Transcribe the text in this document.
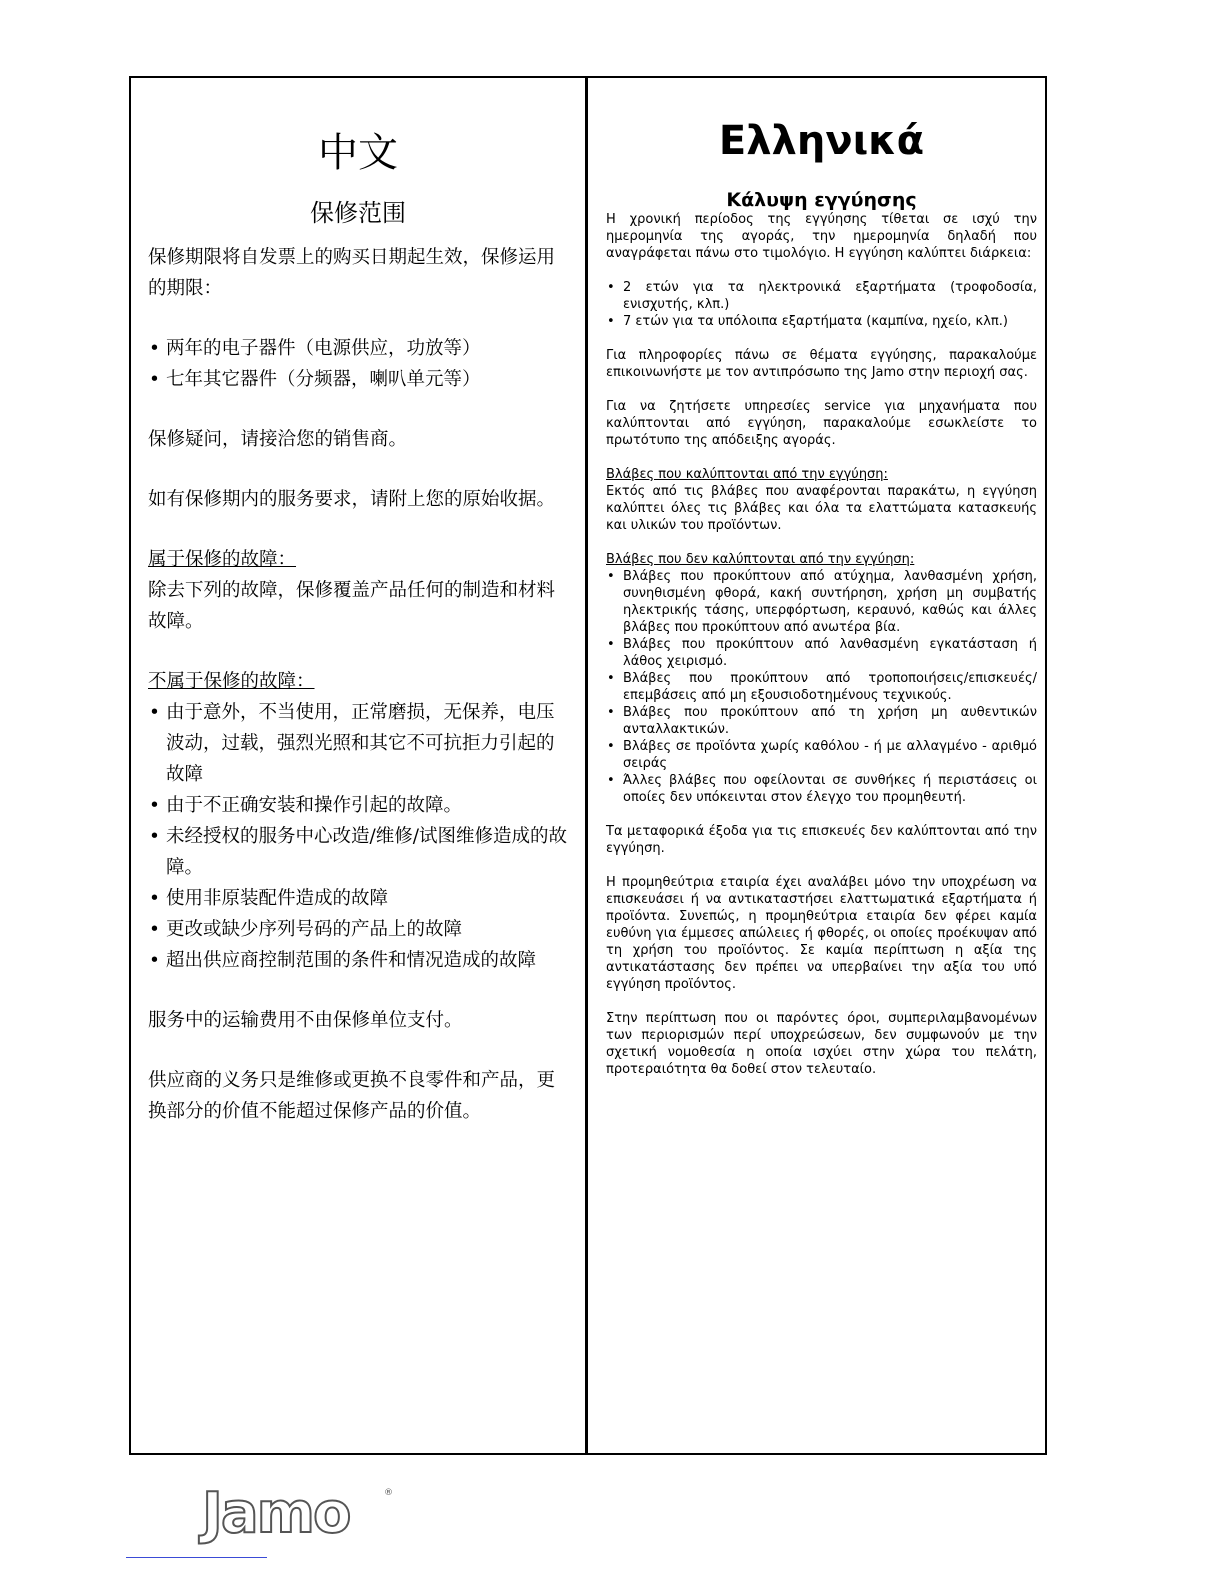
中文
保修范围

保修期限将自发票上的购买日期起生效，保修运用的期限：

• 两年的电子器件（电源供应，功放等）
• 七年其它器件（分频器，喇叭单元等）

保修疑问，请接洽您的销售商。

如有保修期内的服务要求，请附上您的原始收据。

属于保修的故障：

除去下列的故障，保修覆盖产品任何的制造和材料故障。

不属于保修的故障：

• 由于意外，不当使用，正常磨损，无保养，电压波动，过载，强烈光照和其它不可抗拒力引起的故障
• 由于不正确安装和操作引起的故障。
• 未经授权的服务中心改造/维修/试图维修造成的故障。
• 使用非原装配件造成的故障
• 更改或缺少序列号码的产品上的故障
• 超出供应商控制范围的条件和情况造成的故障

服务中的运输费用不由保修单位支付。

供应商的义务只是维修或更换不良零件和产品，更换部分的价值不能超过保修产品的价值。

Ελληνικά
Κάλυψη εγγύησης

Η χρονική περίοδος της εγγύησης τίθεται σε ισχύ την ημερομηνία της αγοράς, την ημερομηνία δηλαδή που αναγράφεται πάνω στο τιμολόγιο. Η εγγύηση καλύπτει διάρκεια:

• 2 ετών για τα ηλεκτρονικά εξαρτήματα (τροφοδοσία, ενισχυτής, κλπ.)
• 7 ετών για τα υπόλοιπα εξαρτήματα (καμπίνα, ηχείο, κλπ.)

Για πληροφορίες πάνω σε θέματα εγγύησης, παρακαλούμε επικοινωνήστε με τον αντιπρόσωπο της Jamo στην περιοχή σας.

Για να ζητήσετε υπηρεσίες service για μηχανήματα που καλύπτονται από εγγύηση, παρακαλούμε εσωκλείστε το πρωτότυπο της απόδειξης αγοράς.

Βλάβες που καλύπτονται από την εγγύηση:

Εκτός από τις βλάβες που αναφέρονται παρακάτω, η εγγύηση καλύπτει όλες τις βλάβες και όλα τα ελαττώματα κατασκευής και υλικών του προϊόντων.

Βλάβες που δεν καλύπτονται από την εγγύηση:

• Βλάβες που προκύπτουν από ατύχημα, λανθασμένη χρήση, συνηθισμένη φθορά, κακή συντήρηση, χρήση μη συμβατής ηλεκτρικής τάσης, υπερφόρτωση, κεραυνό, καθώς και άλλες βλάβες που προκύπτουν από ανωτέρα βία.
• Βλάβες που προκύπτουν από λανθασμένη εγκατάσταση ή λάθος χειρισμό.
• Βλάβες που προκύπτουν από τροποποιήσεις/επισκευές/επεμβάσεις από μη εξουσιοδοτημένους τεχνικούς.
• Βλάβες που προκύπτουν από τη χρήση μη αυθεντικών ανταλλακτικών.
• Βλάβες σε προϊόντα χωρίς καθόλου - ή με αλλαγμένο - αριθμό σειράς
• Άλλες βλάβες που οφείλονται σε συνθήκες ή περιστάσεις οι οποίες δεν υπόκεινται στον έλεγχο του προμηθευτή.

Τα μεταφορικά έξοδα για τις επισκευές δεν καλύπτονται από την εγγύηση.

Η προμηθεύτρια εταιρία έχει αναλάβει μόνο την υποχρέωση να επισκευάσει ή να αντικαταστήσει ελαττωματικά εξαρτήματα ή προϊόντα. Συνεπώς, η προμηθεύτρια εταιρία δεν φέρει καμία ευθύνη για έμμεσες απώλειες ή φθορές, οι οποίες προέκυψαν από τη χρήση του προϊόντος. Σε καμία περίπτωση η αξία της αντικατάστασης δεν πρέπει να υπερβαίνει την αξία του υπό εγγύηση προϊόντος.

Στην περίπτωση που οι παρόντες όροι, συμπεριλαμβανομένων των περιορισμών περί υποχρεώσεων, δεν συμφωνούν με την σχετική νομοθεσία η οποία ισχύει στην χώρα του πελάτη, προτεραιότητα θα δοθεί στον τελευταίο.

Jamo	®
